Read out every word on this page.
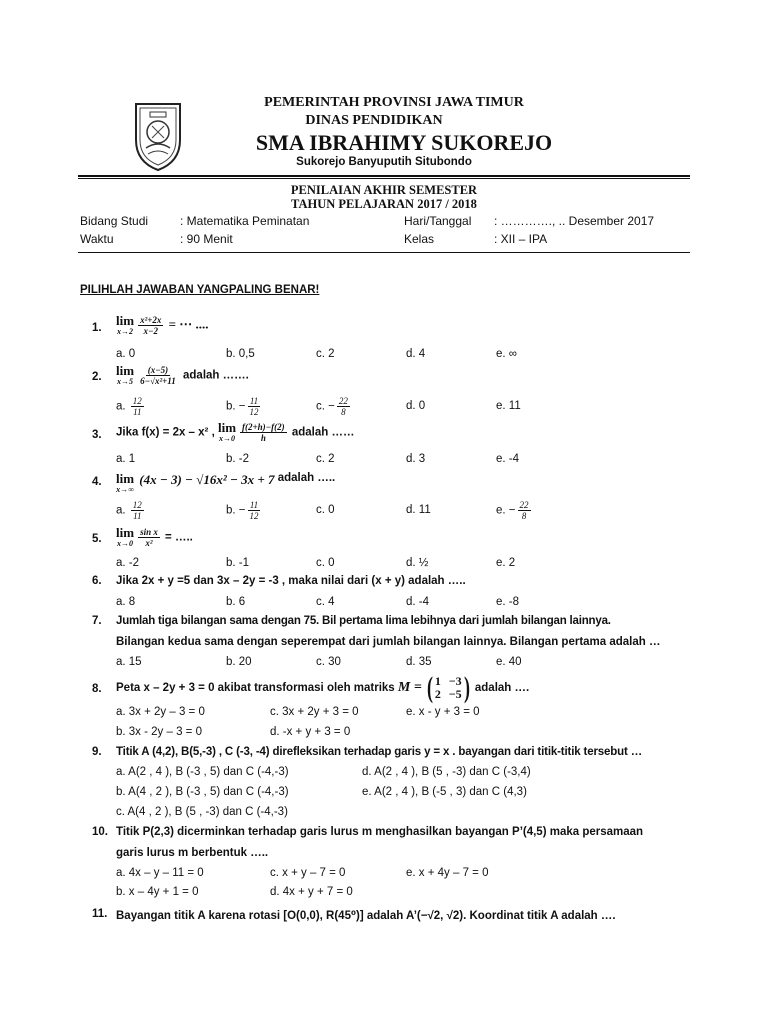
PEMERINTAH PROVINSI JAWA TIMUR
DINAS PENDIDIKAN
SMA IBRAHIMY SUKOREJO
Sukorejo Banyuputih Situbondo
PENILAIAN AKHIR SEMESTER
TAHUN PELAJARAN 2017 / 2018
Bidang Studi	: Matematika Peminatan	Hari/Tanggal : …………., .. Desember 2017
Waktu	: 90 Menit	Kelas	: XII – IPA
PILIHLAH JAWABAN YANGPALING BENAR!
1. lim
$x\to 2 \frac{\text{x²+2x}}{x-2}$ = ⋯ ....
a. 0	b. 0,5	c. 2	d. 4	e. ∞
2. lim
$x\to 5 \frac{(x-5)}{\text{6−√x²+11}}$ adalah …….
a. $\frac{12}{11}$	b. − $\frac{11}{12}$	c. − $\frac{22}{8}$	d. 0	e. 11
3. Jika f(x) = 2x – x² , lim
$x\to 0 \frac{f(2+h)-f(2)}{h}$ adalah ……
a. 1	b. -2	c. 2	d. 3	e. -4
4. lim
x→∞
(4x − 3) − √16x² − 3x + 7 adalah …..
a. $\frac{12}{11}$	b. − $\frac{11}{12}$	c. 0	d. 11	e. − $\frac{22}{8}$
5. lim
$x\to 0 \frac{\text{sin x}}{\text{x²}}$ = …..
a. -2	b. -1	c. 0	d. ½	e. 2
6. Jika 2x + y =5 dan 3x – 2y = -3 , maka nilai dari (x + y) adalah …..
a. 8	b. 6	c. 4	d. -4	e. -8
7. Jumlah tiga bilangan sama dengan 75. Bil pertama lima lebihnya dari jumlah bilangan lainnya.
Bilangan kedua sama dengan seperempat dari jumlah bilangan lainnya. Bilangan pertama adalah …
a. 15	b. 20	c. 30	d. 35	e. 40
8. Peta x – 2y + 3 = 0 akibat transformasi oleh matriks M = ( 1 −3
2 −5 ) adalah ….
a. 3x + 2y – 3 = 0	c. 3x + 2y + 3 = 0	e. x - y + 3 = 0
b. 3x - 2y – 3 = 0	d. -x + y + 3 = 0
9. Titik A (4,2), B(5,-3) , C (-3, -4) direfleksikan terhadap garis y = x . bayangan dari titik-titik tersebut …
a. A(2 , 4 ), B (-3 , 5) dan C (-4,-3)	d. A(2 , 4 ), B (5 , -3) dan C (-3,4)
b. A(4 , 2 ), B (-3 , 5) dan C (-4,-3)	e. A(2 , 4 ), B (-5 , 3) dan C (4,3)
c. A(4 , 2 ), B (5 , -3) dan C (-4,-3)
10. Titik P(2,3) dicerminkan terhadap garis lurus m menghasilkan bayangan P’(4,5) maka persamaan
garis lurus m berbentuk …..
a. 4x – y – 11 = 0	c. x + y – 7 = 0	e. x + 4y – 7 = 0
b. x – 4y + 1 = 0	d. 4x + y + 7 = 0
11. Bayangan titik A karena rotasi [O(0,0), R(45⁰)] adalah A’(−√2, √2). Koordinat titik A adalah ….
